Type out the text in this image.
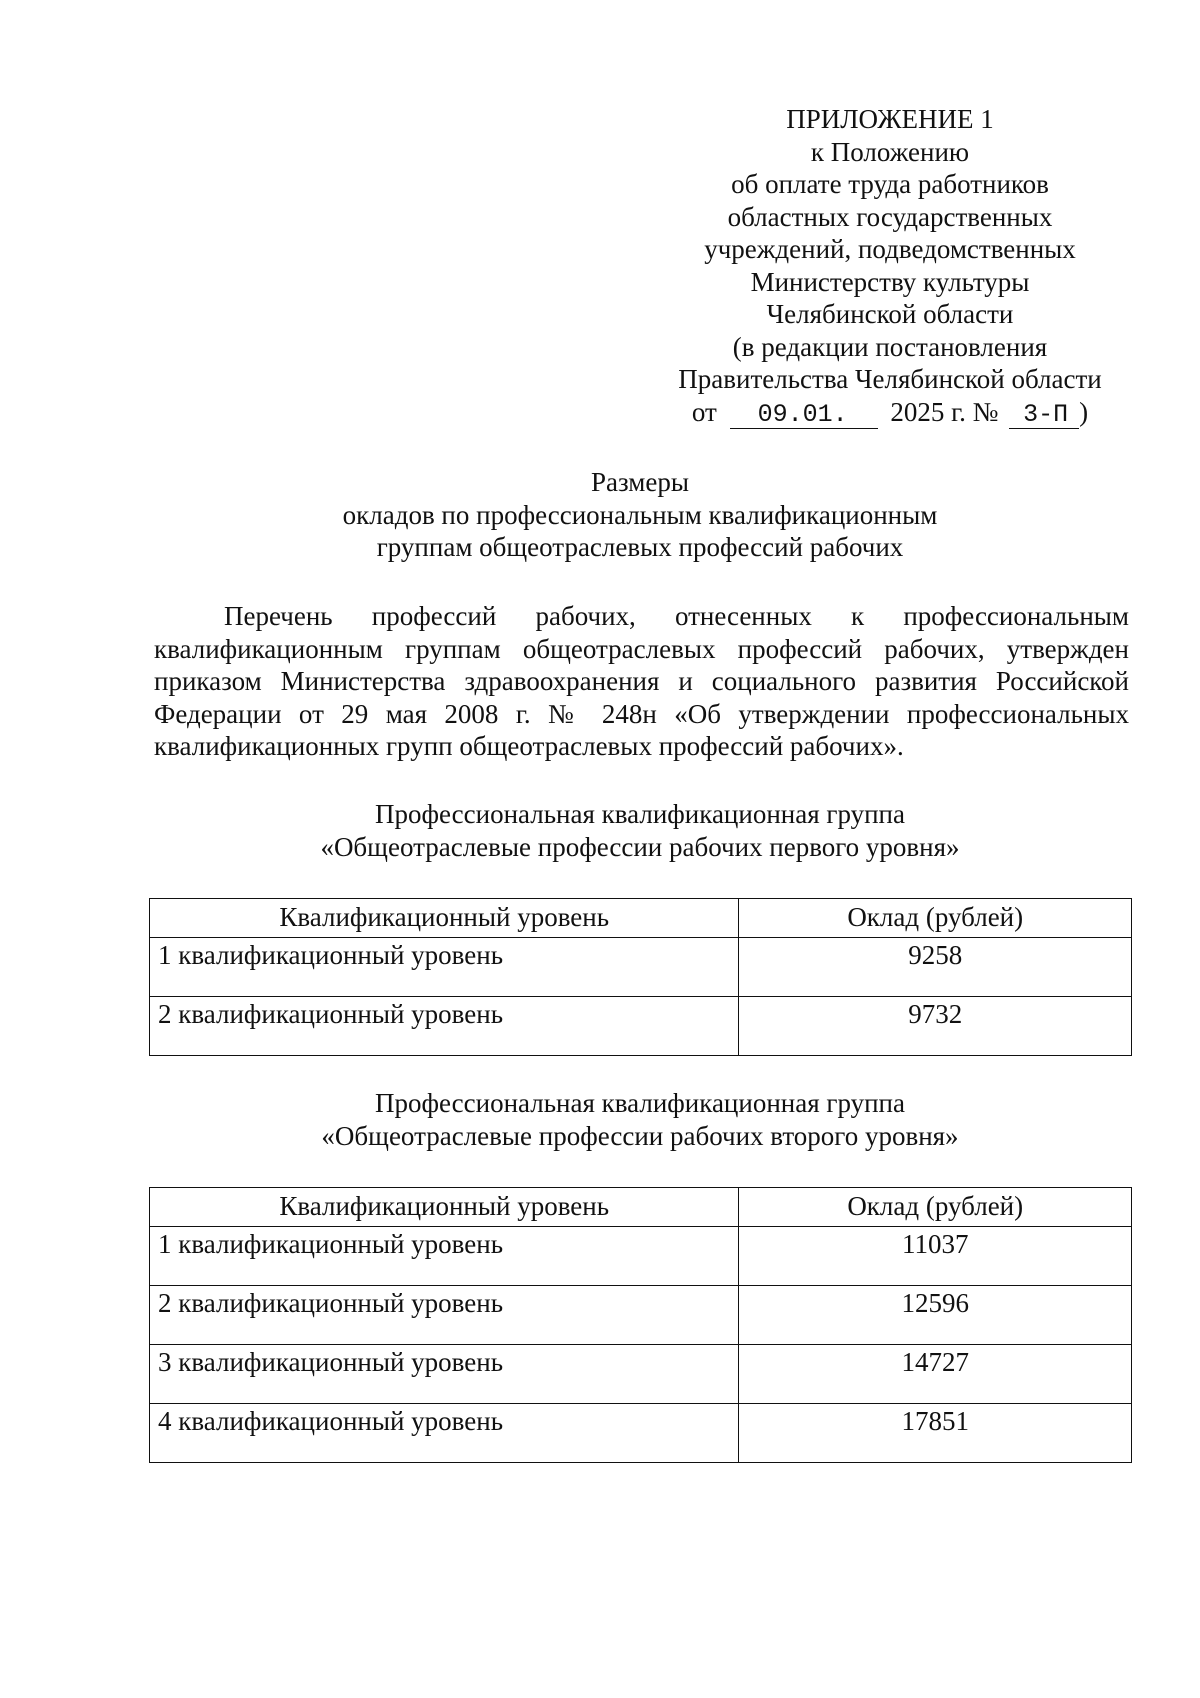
ПРИЛОЖЕНИЕ 1
к Положению
об оплате труда работников
областных государственных
учреждений, подведомственных
Министерству культуры
Челябинской области
(в редакции постановления
Правительства Челябинской области
от 09.01. 2025 г. № 3-П )
Размеры
окладов по профессиональным квалификационным
группам общеотраслевых профессий рабочих
Перечень профессий рабочих, отнесенных к профессиональным квалификационным группам общеотраслевых профессий рабочих, утвержден приказом Министерства здравоохранения и социального развития Российской Федерации от 29 мая 2008 г. № 248н «Об утверждении профессиональных квалификационных групп общеотраслевых профессий рабочих».
Профессиональная квалификационная группа
«Общеотраслевые профессии рабочих первого уровня»
Квалификационный уровень	Оклад (рублей)
1 квалификационный уровень	9258
2 квалификационный уровень	9732
Профессиональная квалификационная группа
«Общеотраслевые профессии рабочих второго уровня»
Квалификационный уровень	Оклад (рублей)
1 квалификационный уровень	11037
2 квалификационный уровень	12596
3 квалификационный уровень	14727
4 квалификационный уровень	17851
